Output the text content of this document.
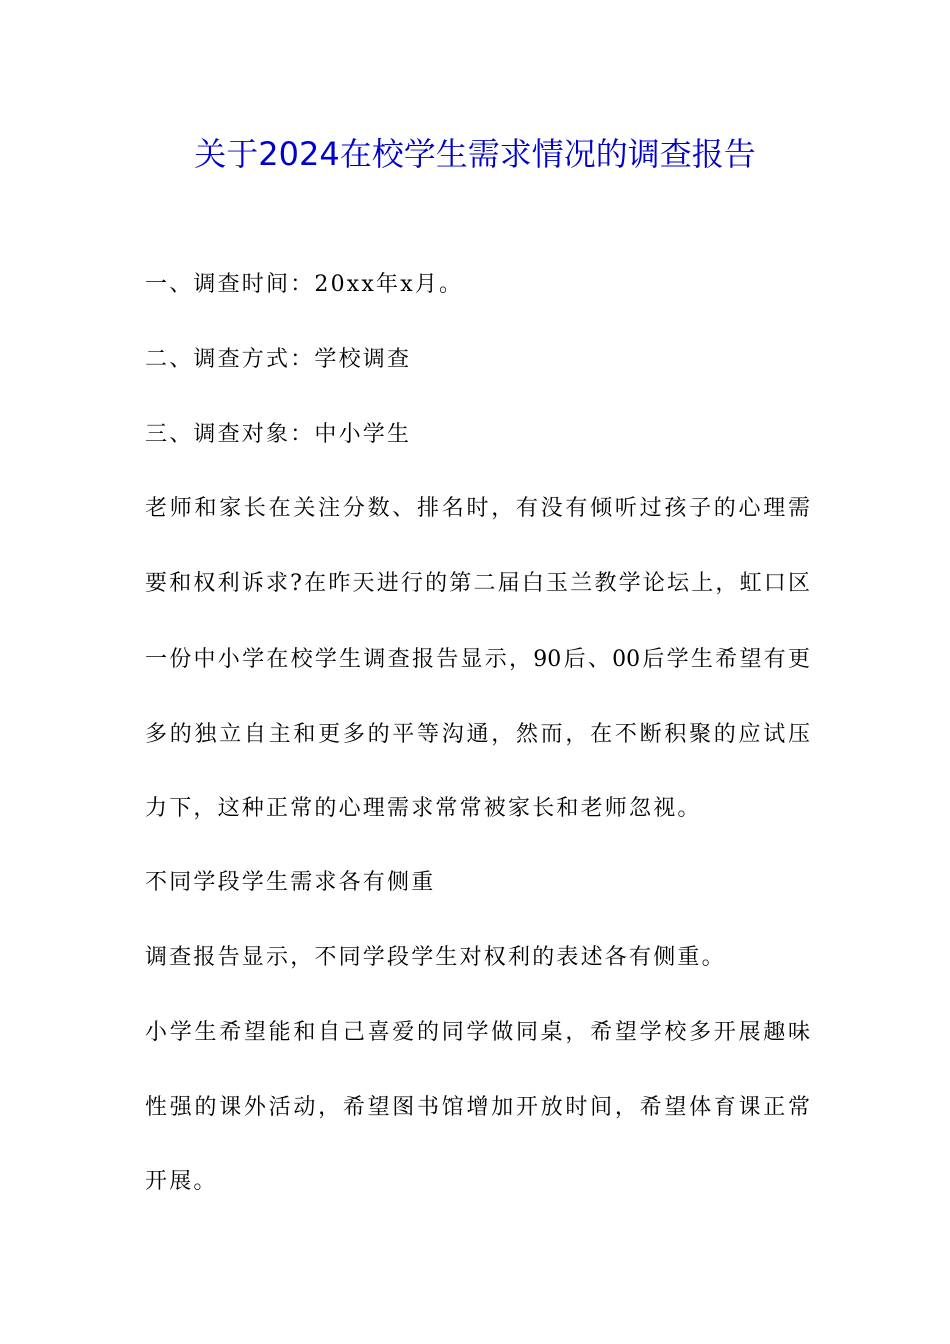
关于2024在校学生需求情况的调查报告
一、调查时间：20xx年x月。
二、调查方式：学校调查
三、调查对象：中小学生
老师和家长在关注分数、排名时，有没有倾听过孩子的心理需
要和权利诉求?在昨天进行的第二届白玉兰教学论坛上，虹口区
一份中小学在校学生调查报告显示，90后、00后学生希望有更
多的独立自主和更多的平等沟通，然而，在不断积聚的应试压
力下，这种正常的心理需求常常被家长和老师忽视。
不同学段学生需求各有侧重
调查报告显示，不同学段学生对权利的表述各有侧重。
小学生希望能和自己喜爱的同学做同桌，希望学校多开展趣味
性强的课外活动，希望图书馆增加开放时间，希望体育课正常
开展。
